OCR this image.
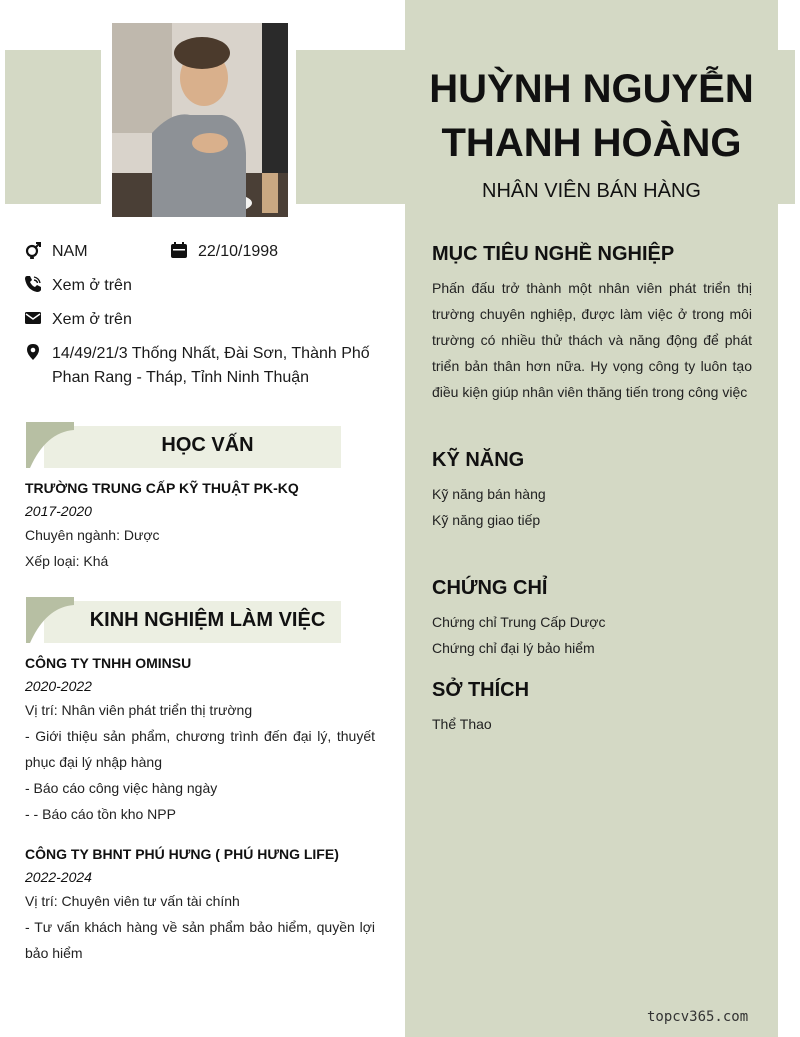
HUỲNH NGUYỄN
THANH HOÀNG
NHÂN VIÊN BÁN HÀNG
NAM	22/10/1998
Xem ở trên
Xem ở trên
14/49/21/3 Thống Nhất, Đài Sơn, Thành Phố Phan Rang - Tháp, Tỉnh Ninh Thuận
HỌC VẤN
TRƯỜNG TRUNG CẤP KỸ THUẬT PK-KQ
2017-2020
Chuyên ngành: Dược
Xếp loại: Khá
KINH NGHIỆM LÀM VIỆC
CÔNG TY TNHH OMINSU
2020-2022
Vị trí: Nhân viên phát triển thị trường
- Giới thiệu sản phẩm, chương trình đến đại lý, thuyết phục đại lý nhập hàng
- Báo cáo công việc hàng ngày
- - Báo cáo tồn kho NPP
CÔNG TY BHNT PHÚ HƯNG ( PHÚ HƯNG LIFE)
2022-2024
Vị trí: Chuyên viên tư vấn tài chính
- Tư vấn khách hàng về sản phẩm bảo hiểm, quyền lợi bảo hiểm
MỤC TIÊU NGHỀ NGHIỆP
Phấn đấu trở thành một nhân viên phát triển thị trường chuyên nghiệp, được làm việc ở trong môi trường có nhiều thử thách và năng động để phát triển bản thân hơn nữa. Hy vọng công ty luôn tạo điều kiện giúp nhân viên thăng tiến trong công việc
KỸ NĂNG
Kỹ năng bán hàng
Kỹ năng giao tiếp
CHỨNG CHỈ
Chứng chỉ Trung Cấp Dược
Chứng chỉ đại lý bảo hiểm
SỞ THÍCH
Thể Thao
topcv365.com
